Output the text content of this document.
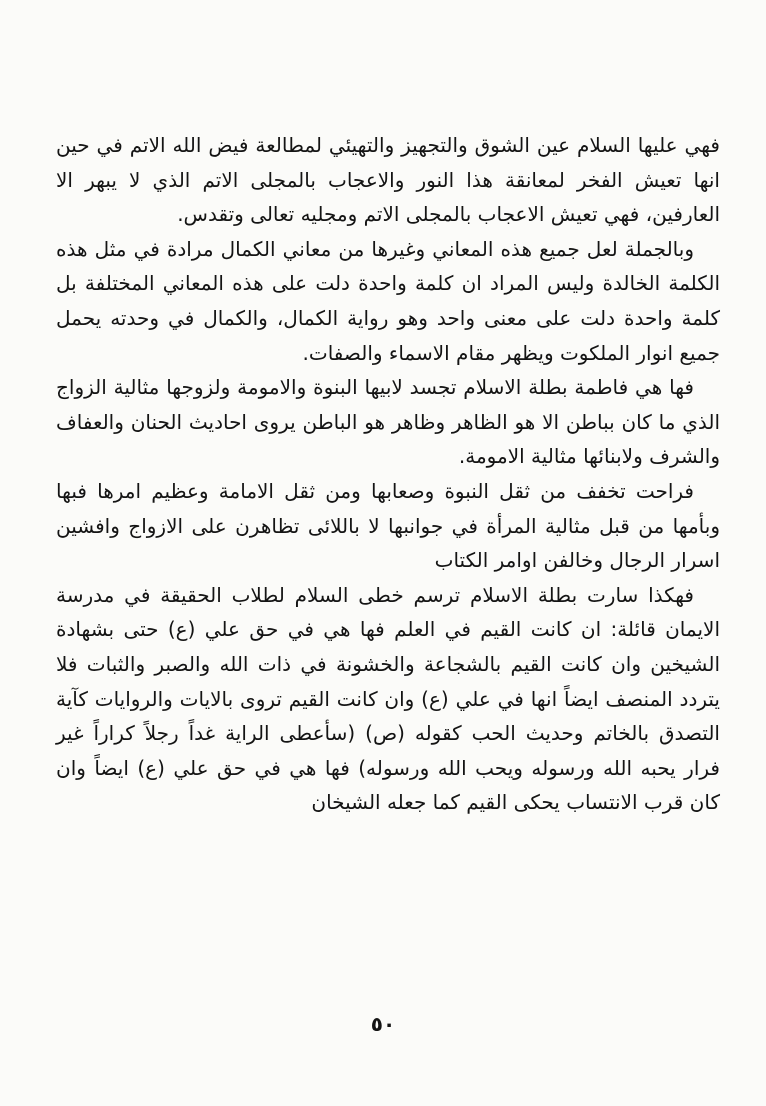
فهي عليها السلام عين الشوق والتجهيز والتهيئي لمطالعة فيض الله الاتم في حين انها تعيش الفخر لمعانقة هذا النور والاعجاب بالمجلى الاتم الذي لا يبهر الا العارفين، فهي تعيش الاعجاب بالمجلى الاتم ومجليه تعالى وتقدس.

وبالجملة لعل جميع هذه المعاني وغيرها من معاني الكمال مرادة في مثل هذه الكلمة الخالدة وليس المراد ان كلمة واحدة دلت على هذه المعاني المختلفة بل كلمة واحدة دلت على معنى واحد وهو رواية الكمال، والكمال في وحدته يحمل جميع انوار الملكوت ويظهر مقام الاسماء والصفات.

فها هي فاطمة بطلة الاسلام تجسد لابيها البنوة والامومة ولزوجها مثالية الزواج الذي ما كان بباطن الا هو الظاهر وظاهر هو الباطن يروى احاديث الحنان والعفاف والشرف ولابنائها مثالية الامومة.

فراحت تخفف من ثقل النبوة وصعابها ومن ثقل الامامة وعظيم امرها فبها وبأمها من قبل مثالية المرأة في جوانبها لا باللائى تظاهرن على الازواج وافشين اسرار الرجال وخالفن اوامر الكتاب

فهكذا سارت بطلة الاسلام ترسم خطى السلام لطلاب الحقيقة في مدرسة الايمان قائلة: ان كانت القيم في العلم فها هي في حق علي (ع) حتى بشهادة الشيخين وان كانت القيم بالشجاعة والخشونة في ذات الله والصبر والثبات فلا يتردد المنصف ايضاً انها في علي (ع) وان كانت القيم تروى بالايات والروايات كآية التصدق بالخاتم وحديث الحب كقوله (ص) (سأعطى الراية غداً رجلاً كراراً غير فرار يحبه الله ورسوله ويحب الله ورسوله) فها هي في حق علي (ع) ايضاً وان كان قرب الانتساب يحكى القيم كما جعله الشيخان

٥٠
